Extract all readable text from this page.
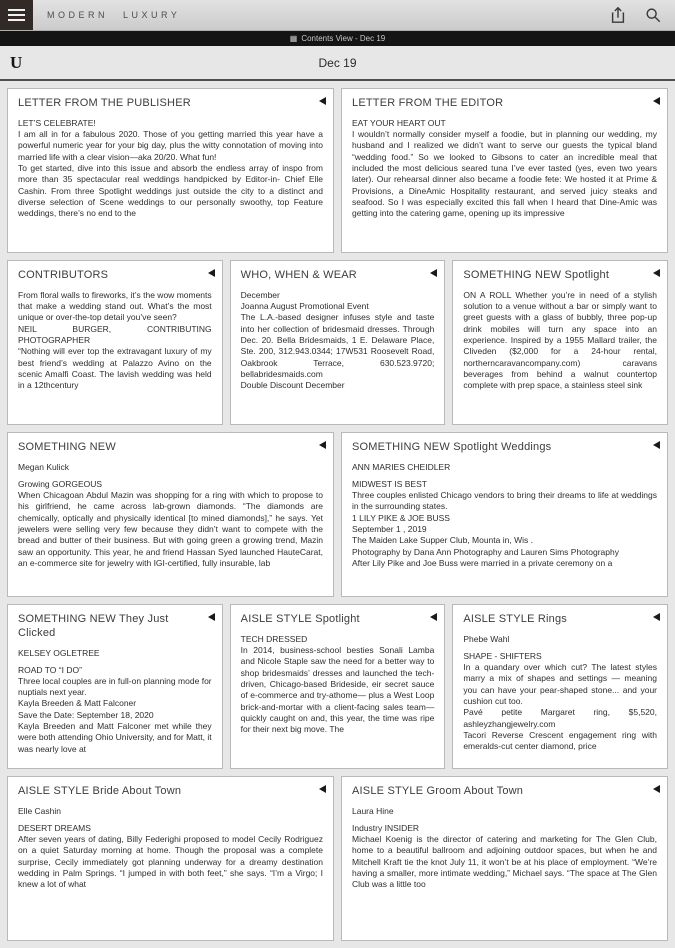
MODERN LUXURY
▦ Contents View - Dec 19
U	Dec 19
LETTER FROM THE PUBLISHER

LET’S CELEBRATE!
I am all in for a fabulous 2020. Those of you getting married this year have a powerful numeric year for your big day, plus the witty connotation of moving into married life with a clear vision—aka 20/20. What fun!
To get started, dive into this issue and absorb the endless array of inspo from more than 35 spectacular real weddings handpicked by Editor-in- Chief Elle Cashin. From three Spotlight weddings just outside the city to a distinct and diverse selection of Scene weddings to our personally swoothy, top Feature weddings, there’s no end to the

LETTER FROM THE EDITOR

EAT YOUR HEART OUT
I wouldn’t normally consider myself a foodie, but in planning our wedding, my husband and I realized we didn’t want to serve our guests the typical bland “wedding food.” So we looked to Gibsons to cater an incredible meal that included the most delicious seared tuna I’ve ever tasted (yes, even two years later). Our rehearsal dinner also became a foodie fete: We hosted it at Prime & Provisions, a DineAmic Hospitality restaurant, and served juicy steaks and seafood. So I was especially excited this fall when I heard that Dine-Amic was getting into the catering game, opening up its impressive

CONTRIBUTORS

From floral walls to fireworks, it’s the wow moments that make a wedding stand out. What’s the most unique or over-the-top detail you’ve seen?
NEIL BURGER, CONTRIBUTING PHOTOGRAPHER
“Nothing will ever top the extravagant luxury of my best friend’s wedding at Palazzo Avino on the scenic Amalfi Coast. The lavish wedding was held in a 12thcentury

WHO, WHEN & WEAR

December
Joanna August Promotional Event
The L.A.-based designer infuses style and taste into her collection of bridesmaid dresses. Through Dec. 20. Bella Bridesmaids, 1 E. Delaware Place, Ste. 200, 312.943.0344; 17W531 Roosevelt Road, Oakbrook Terrace, 630.523.9720; bellabridesmaids.com
Double Discount December

SOMETHING NEW Spotlight

ON A ROLL Whether you’re in need of a stylish solution to a venue without a bar or simply want to greet guests with a glass of bubbly, three pop-up drink mobiles will turn any space into an experience. Inspired by a 1955 Mallard trailer, the Cliveden ($2,000 for a 24-hour rental, northerncaravancompany.com) caravans beverages from behind a walnut countertop complete with prep space, a stainless steel sink

SOMETHING NEW
Megan Kulick

Growing GORGEOUS
When Chicagoan Abdul Mazin was shopping for a ring with which to propose to his girlfriend, he came across lab-grown diamonds. “The diamonds are chemically, optically and physically identical [to mined diamonds],” he says. Yet jewelers were selling very few because they didn’t want to compete with the bread and butter of their business. But with going green a growing trend, Mazin saw an opportunity. This year, he and friend Hassan Syed launched HauteCarat, an e-commerce site for jewelry with IGI-certified, fully insurable, lab

SOMETHING NEW Spotlight Weddings
ANN MARIES CHEIDLER

MIDWEST IS BEST
Three couples enlisted Chicago vendors to bring their dreams to life at weddings in the surrounding states.
1 LILY PIKE & JOE BUSS
September 1 , 2019
The Maiden Lake Supper Club, Mounta in, Wis .
Photography by Dana Ann Photography and Lauren Sims Photography
After Lily Pike and Joe Buss were married in a private ceremony on a

SOMETHING NEW They Just Clicked
KELSEY OGLETREE

ROAD TO “I DO”
Three local couples are in full-on planning mode for nuptials next year.
Kayla Breeden & Matt Falconer
Save the Date: September 18, 2020
Kayla Breeden and Matt Falconer met while they were both attending Ohio University, and for Matt, it was nearly love at

AISLE STYLE Spotlight

TECH DRESSED
In 2014, business-school besties Sonali Lamba and Nicole Staple saw the need for a better way to shop bridesmaids’ dresses and launched the tech-driven, Chicago-based Brideside, eir secret sauce of e-commerce and try-athome— plus a West Loop brick-and-mortar with a client-facing sales team—quickly caught on and, this year, the time was ripe for their next big move. The

AISLE STYLE Rings
Phebe Wahl

SHAPE - SHIFTERS
In a quandary over which cut? The latest styles marry a mix of shapes and settings — meaning you can have your pear-shaped stone... and your cushion cut too.
Pavé petite Margaret ring, $5,520, ashleyzhangjewelry.com
Tacori Reverse Crescent engagement ring with emeralds-cut center diamond, price

AISLE STYLE Bride About Town
Elle Cashin

DESERT DREAMS
After seven years of dating, Billy Federighi proposed to model Cecily Rodriguez on a quiet Saturday morning at home. Though the proposal was a complete surprise, Cecily immediately got planning underway for a dreamy destination wedding in Palm Springs. “I jumped in with both feet,” she says. “I’m a Virgo; I knew a lot of what

AISLE STYLE Groom About Town
Laura Hine

Industry INSIDER
Michael Koenig is the director of catering and marketing for The Glen Club, home to a beautiful ballroom and adjoining outdoor spaces, but when he and Mitchell Kraft tie the knot July 11, it won’t be at his place of employment. “We’re having a smaller, more intimate wedding,” Michael says. “The space at The Glen Club was a little too
